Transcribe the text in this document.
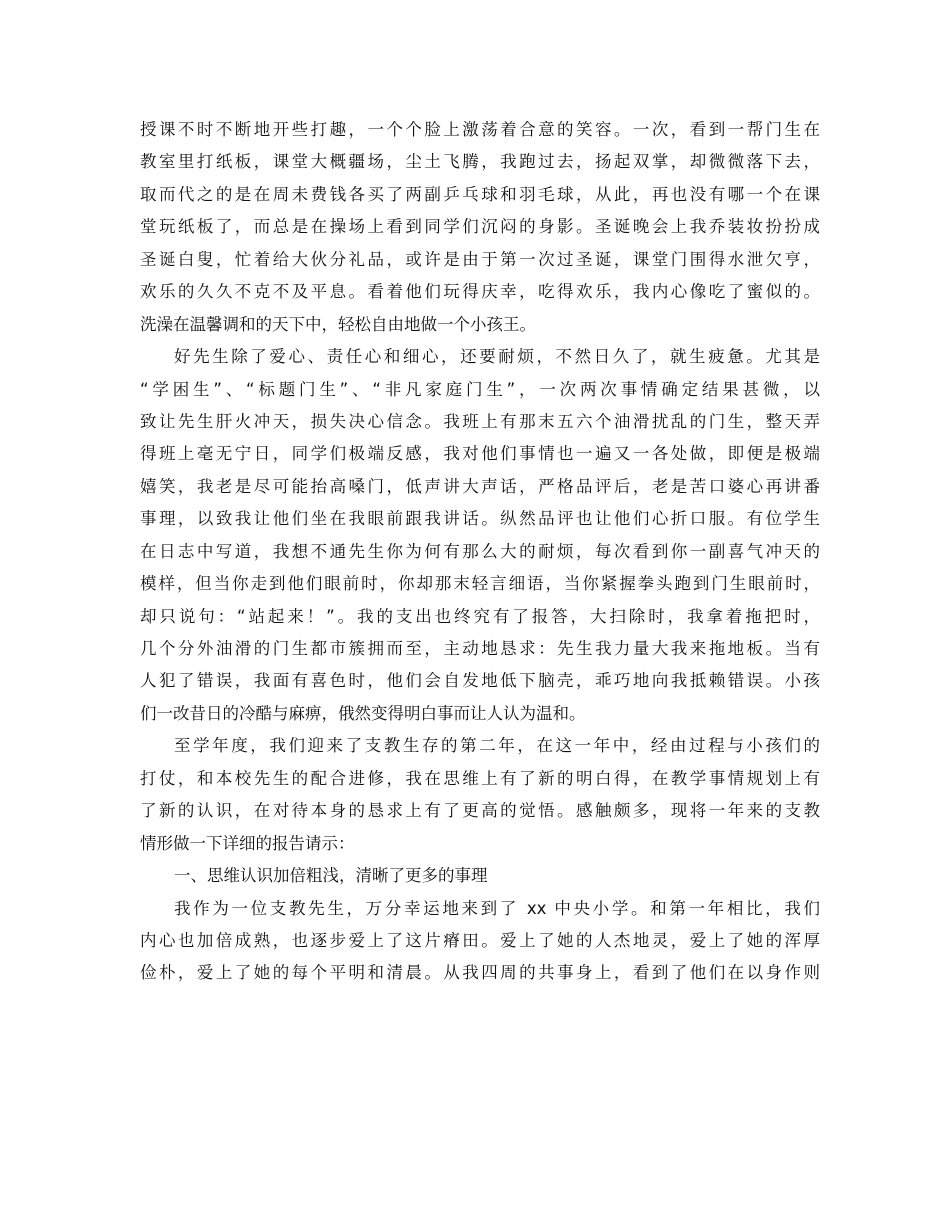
授课不时不断地开些打趣，一个个脸上激荡着合意的笑容。一次，看到一帮门生在
教室里打纸板，课堂大概疆场，尘土飞腾，我跑过去，扬起双掌，却微微落下去，
取而代之的是在周未费钱各买了两副乒乓球和羽毛球，从此，再也没有哪一个在课
堂玩纸板了，而总是在操场上看到同学们沉闷的身影。圣诞晚会上我乔装妆扮扮成
圣诞白叟，忙着给大伙分礼品，或许是由于第一次过圣诞，课堂门围得水泄欠亨，
欢乐的久久不克不及平息。看着他们玩得庆幸，吃得欢乐，我内心像吃了蜜似的。
洗澡在温馨调和的天下中，轻松自由地做一个小孩王。
好先生除了爱心、责任心和细心，还要耐烦，不然日久了，就生疲惫。尤其是
“学困生”、“标题门生”、“非凡家庭门生”，一次两次事情确定结果甚微，以
致让先生肝火冲天，损失决心信念。我班上有那末五六个油滑扰乱的门生，整天弄
得班上毫无宁日，同学们极端反感，我对他们事情也一遍又一各处做，即便是极端
嬉笑，我老是尽可能抬高嗓门，低声讲大声话，严格品评后，老是苦口婆心再讲番
事理，以致我让他们坐在我眼前跟我讲话。纵然品评也让他们心折口服。有位学生
在日志中写道，我想不通先生你为何有那么大的耐烦，每次看到你一副喜气冲天的
模样，但当你走到他们眼前时，你却那末轻言细语，当你紧握拳头跑到门生眼前时，
却只说句：“站起来！”。我的支出也终究有了报答，大扫除时，我拿着拖把时，
几个分外油滑的门生都市簇拥而至，主动地恳求：先生我力量大我来拖地板。当有
人犯了错误，我面有喜色时，他们会自发地低下脑壳，乖巧地向我抵赖错误。小孩
们一改昔日的冷酷与麻痹，俄然变得明白事而让人认为温和。
至学年度，我们迎来了支教生存的第二年，在这一年中，经由过程与小孩们的
打仗，和本校先生的配合进修，我在思维上有了新的明白得，在教学事情规划上有
了新的认识，在对待本身的恳求上有了更高的觉悟。感触颇多，现将一年来的支教
情形做一下详细的报告请示：
一、思维认识加倍粗浅，清晰了更多的事理
我作为一位支教先生，万分幸运地来到了 xx 中央小学。和第一年相比，我们
内心也加倍成熟，也逐步爱上了这片瘠田。爱上了她的人杰地灵，爱上了她的浑厚
俭朴，爱上了她的每个平明和清晨。从我四周的共事身上，看到了他们在以身作则
